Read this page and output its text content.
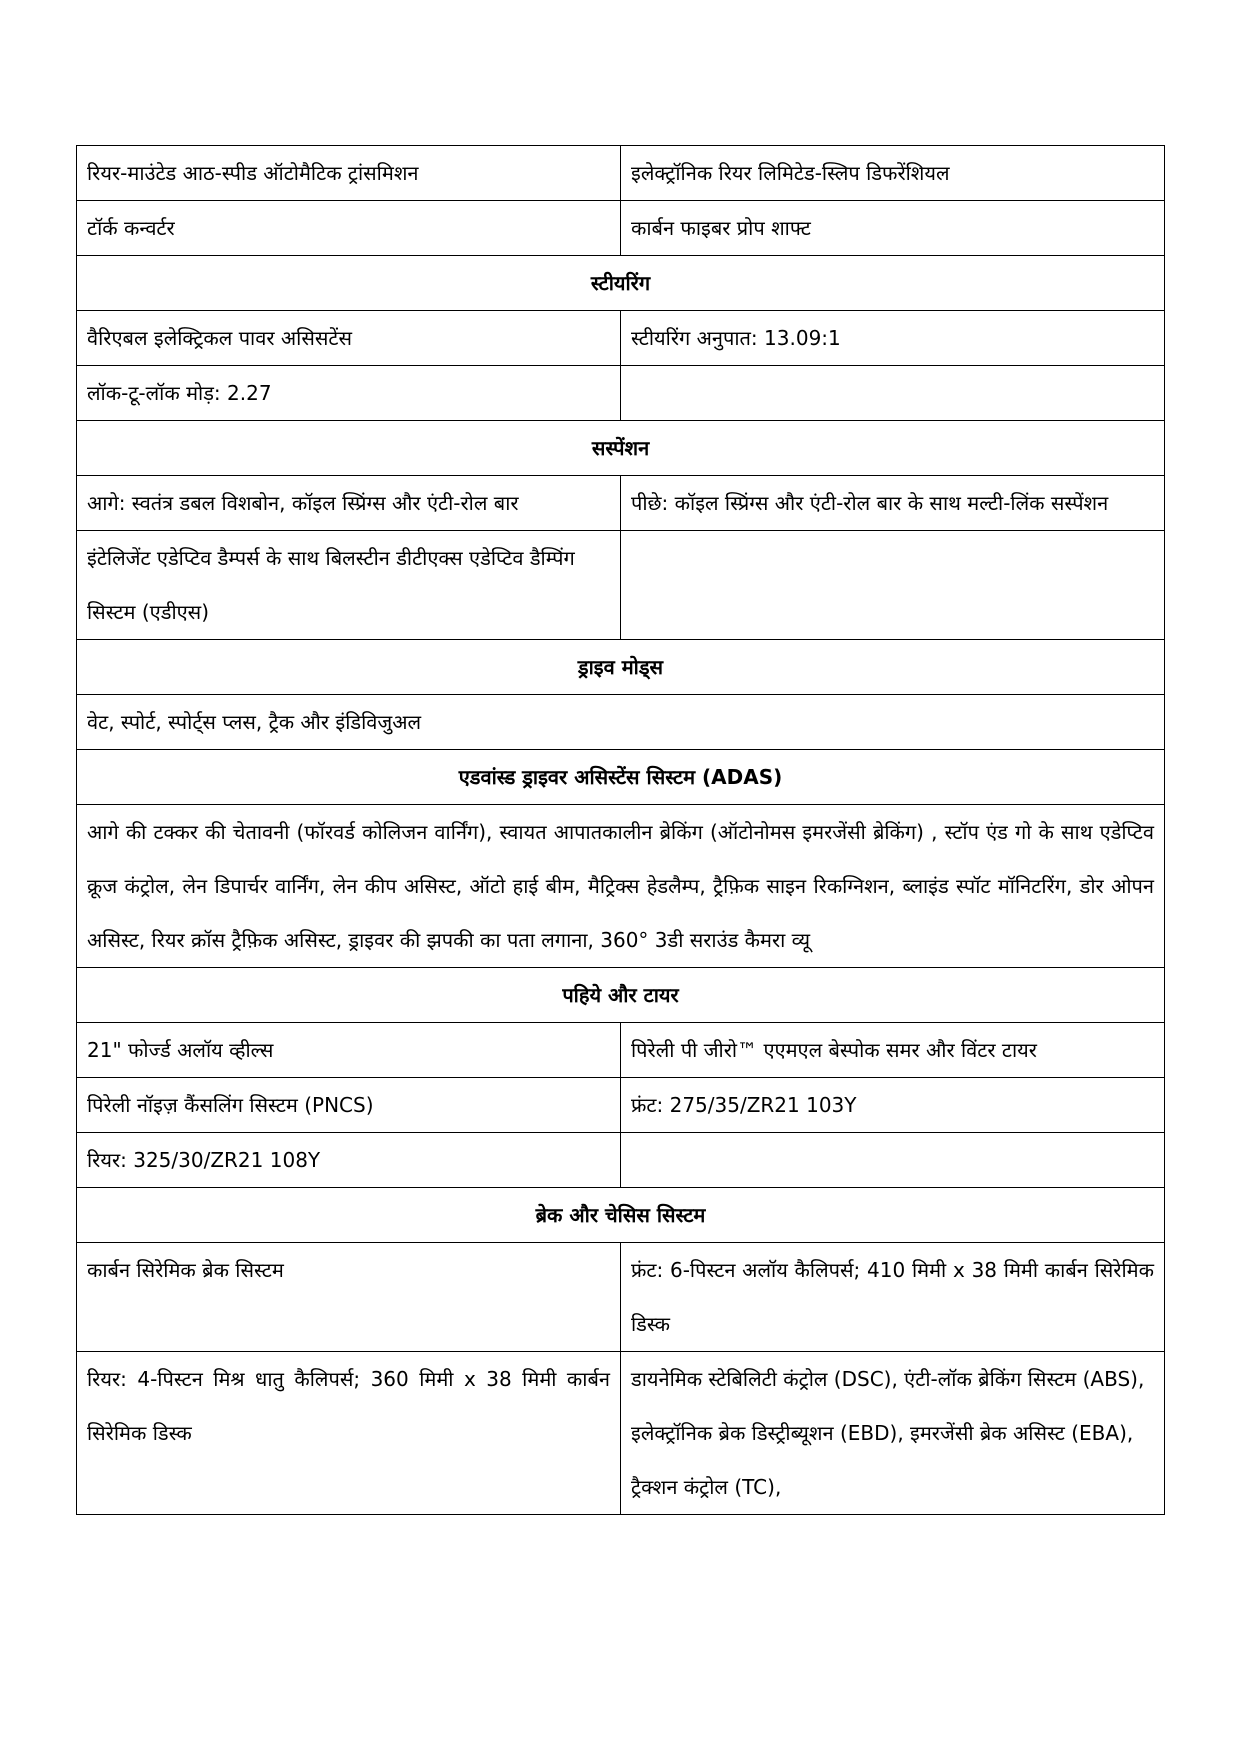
रियर-माउंटेड आठ-स्पीड ऑटोमैटिक ट्रांसमिशन	इलेक्ट्रॉनिक रियर लिमिटेड-स्लिप डिफरेंशियल
टॉर्क कन्वर्टर	कार्बन फाइबर प्रोप शाफ्ट
स्टीयरिंग	
वैरिएबल इलेक्ट्रिकल पावर असिसटेंस	स्टीयरिंग अनुपात: 13.09:1
लॉक-टू-लॉक मोड़: 2.27	
सस्पेंशन	
आगे: स्वतंत्र डबल विशबोन, कॉइल स्प्रिंग्स और एंटी-रोल बार	पीछे: कॉइल स्प्रिंग्स और एंटी-रोल बार के साथ मल्टी-लिंक सस्पेंशन
इंटेलिजेंट एडेप्टिव डैम्पर्स के साथ बिलस्टीन डीटीएक्स एडेप्टिव डैम्पिंग सिस्टम (एडीएस)	
ड्राइव मोड्स	
वेट, स्पोर्ट, स्पोर्ट्स प्लस, ट्रैक और इंडिविजुअल	
एडवांस्ड ड्राइवर असिस्टेंस सिस्टम (ADAS)	
आगे की टक्कर की चेतावनी (फॉरवर्ड कोलिजन वार्निंग), स्वायत आपातकालीन ब्रेकिंग (ऑटोनोमस इमरजेंसी ब्रेकिंग) , स्टॉप एंड गो के साथ एडेप्टिव क्रूज कंट्रोल, लेन डिपार्चर वार्निंग, लेन कीप असिस्ट, ऑटो हाई बीम, मैट्रिक्स हेडलैम्प, ट्रैफ़िक साइन रिकग्निशन, ब्लाइंड स्पॉट मॉनिटरिंग, डोर ओपन असिस्ट, रियर क्रॉस ट्रैफ़िक असिस्ट, ड्राइवर की झपकी का पता लगाना, 360° 3डी सराउंड कैमरा व्यू	
पहिये और टायर	
21" फोर्ज्ड अलॉय व्हील्स	पिरेली पी जीरो™ एएमएल बेस्पोक समर और विंटर टायर
पिरेली नॉइज़ कैंसलिंग सिस्टम (PNCS)	फ्रंट: 275/35/ZR21 103Y
रियर: 325/30/ZR21 108Y	
ब्रेक और चेसिस सिस्टम	
कार्बन सिरेमिक ब्रेक सिस्टम	फ्रंट: 6-पिस्टन अलॉय कैलिपर्स; 410 मिमी x 38 मिमी कार्बन सिरेमिक डिस्क
रियर: 4-पिस्टन मिश्र धातु कैलिपर्स; 360 मिमी x 38 मिमी कार्बन सिरेमिक डिस्क	डायनेमिक स्टेबिलिटी कंट्रोल (DSC), एंटी-लॉक ब्रेकिंग सिस्टम (ABS), इलेक्ट्रॉनिक ब्रेक डिस्ट्रीब्यूशन (EBD), इमरजेंसी ब्रेक असिस्ट (EBA), ट्रैक्शन कंट्रोल (TC),
